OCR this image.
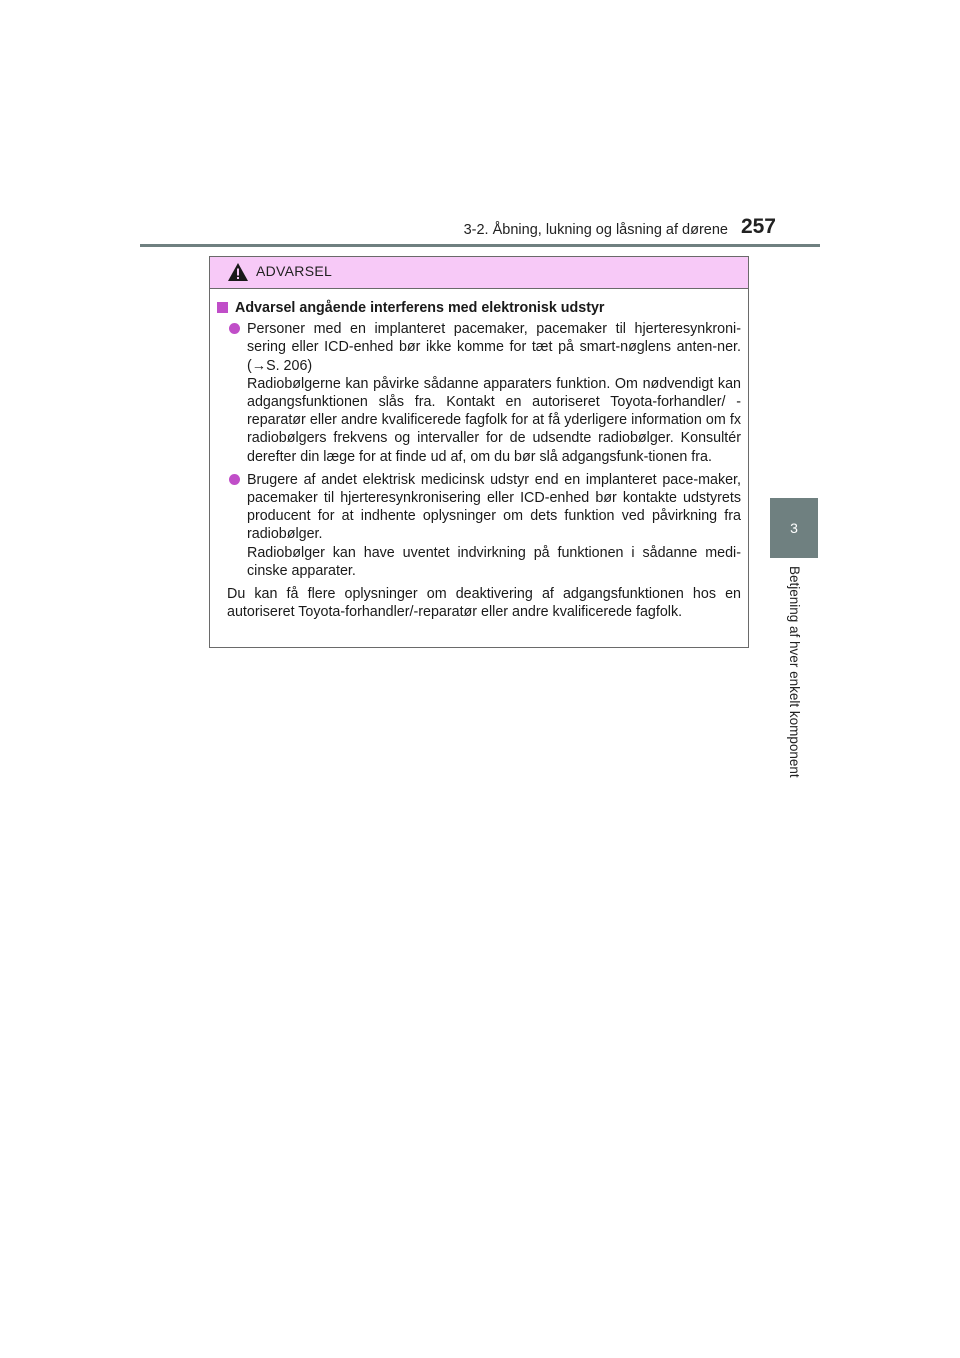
3-2. Åbning, lukning og låsning af dørene 257
3
Betjening af hver enkelt komponent
ADVARSEL
Advarsel angående interferens med elektronisk udstyr

Personer med en implanteret pacemaker, pacemaker til hjerteresynkroni-sering eller ICD-enhed bør ikke komme for tæt på smart-nøglens anten-ner. (→S. 206)

Radiobølgerne kan påvirke sådanne apparaters funktion. Om nødvendigt kan adgangsfunktionen slås fra. Kontakt en autoriseret Toyota-forhandler/ -reparatør eller andre kvalificerede fagfolk for at få yderligere information om fx radiobølgers frekvens og intervaller for de udsendte radiobølger. Konsultér derefter din læge for at finde ud af, om du bør slå adgangsfunk-tionen fra.

Brugere af andet elektrisk medicinsk udstyr end en implanteret pace-maker, pacemaker til hjerteresynkronisering eller ICD-enhed bør kontakte udstyrets producent for at indhente oplysninger om dets funktion ved påvirkning fra radiobølger.

Radiobølger kan have uventet indvirkning på funktionen i sådanne medi-cinske apparater.

Du kan få flere oplysninger om deaktivering af adgangsfunktionen hos en autoriseret Toyota-forhandler/-reparatør eller andre kvalificerede fagfolk.
